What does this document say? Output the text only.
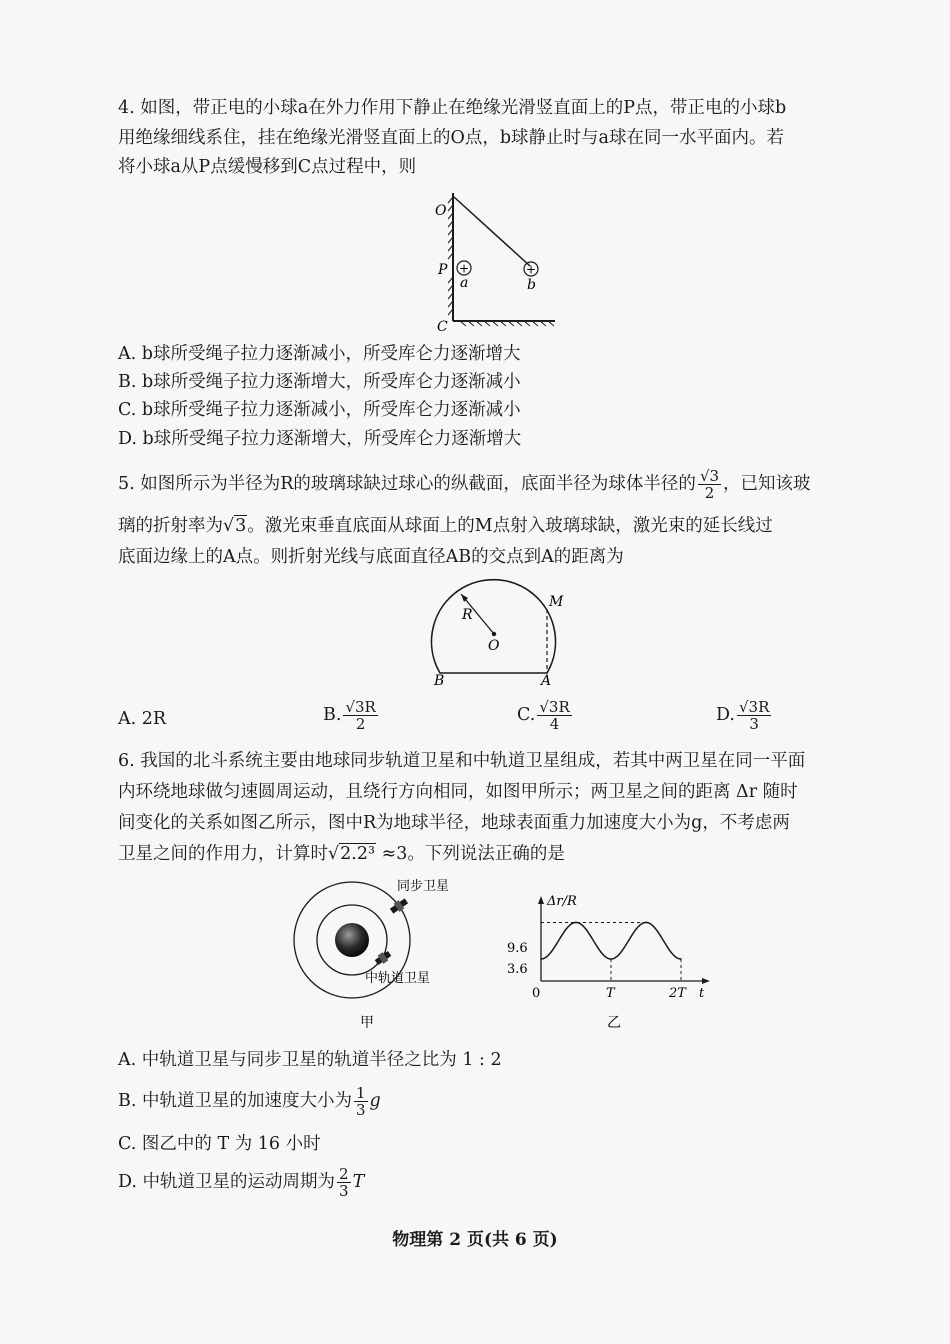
4. 如图，带正电的小球a在外力作用下静止在绝缘光滑竖直面上的P点，带正电的小球b
用绝缘细线系住，挂在绝缘光滑竖直面上的O点，b球静止时与a球在同一水平面内。若
将小球a从P点缓慢移到C点过程中，则
+	+
O
P
C
a	b
A. b球所受绳子拉力逐渐减小，所受库仑力逐渐增大
B. b球所受绳子拉力逐渐增大，所受库仑力逐渐减小
C. b球所受绳子拉力逐渐减小，所受库仑力逐渐减小
D. b球所受绳子拉力逐渐增大，所受库仑力逐渐增大
5. 如图所示为半径为R的玻璃球缺过球心的纵截面，底面半径为球体半径的 $\frac{√3}{2}$ ，已知该玻
璃的折射率为√3。激光束垂直底面从球面上的M点射入玻璃球缺，激光束的延长线过
底面边缘上的A点。则折射光线与底面直径AB的交点到A的距离为
R
O
M
A
B
A. 2R	B. $\frac{√3R}{2}$	C. $\frac{√3R}{4}$	D. $\frac{√3R}{3}$
6. 我国的北斗系统主要由地球同步轨道卫星和中轨道卫星组成，若其中两卫星在同一平面
内环绕地球做匀速圆周运动，且绕行方向相同，如图甲所示；两卫星之间的距离 Δr 随时
间变化的关系如图乙所示，图中R为地球半径，地球表面重力加速度大小为g，不考虑两
卫星之间的作用力，计算时√2.2³ ≈3。下列说法正确的是
同步卫星
中轨道卫星
甲
Δr/R
9.6
3.6
0	T	2T t
乙
A. 中轨道卫星与同步卫星的轨道半径之比为 1 : 2
B. 中轨道卫星的加速度大小为 $\frac{1}{3}$ g
C. 图乙中的 T 为 16 小时
D. 中轨道卫星的运动周期为 $\frac{2}{3}$ T
物理第 2 页(共 6 页)
